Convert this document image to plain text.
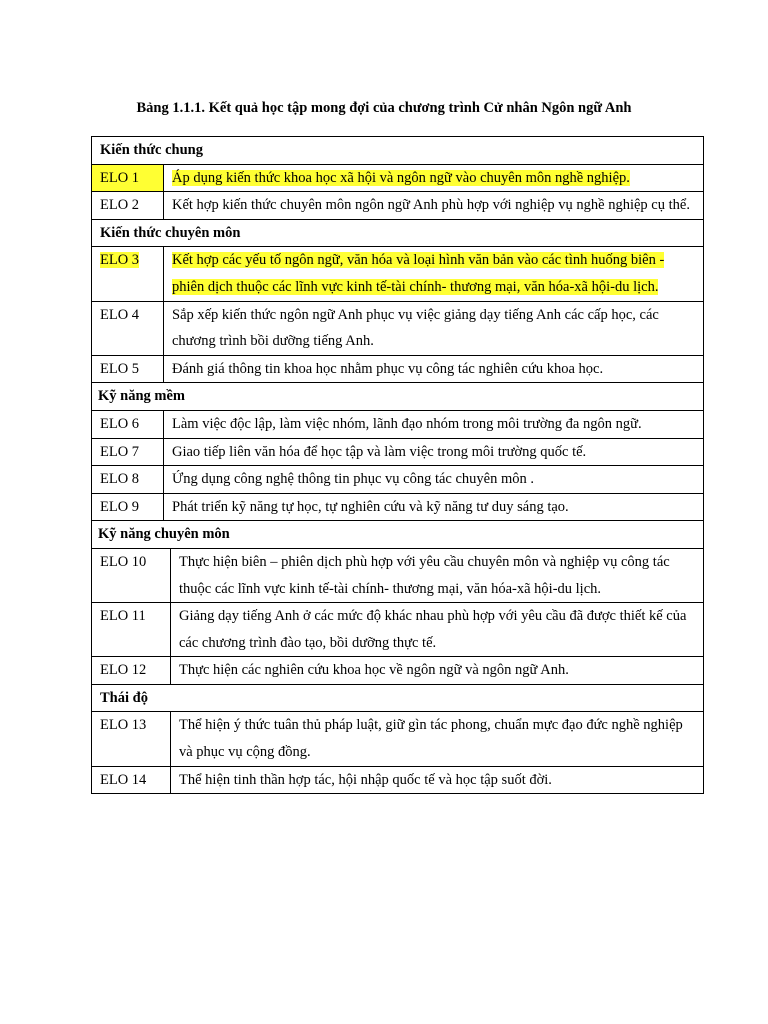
Bảng 1.1.1. Kết quả học tập mong đợi của chương trình Cử nhân Ngôn ngữ Anh
Kiến thức chung	
ELO 1	Áp dụng kiến thức khoa học xã hội và ngôn ngữ vào chuyên môn nghề nghiệp.
ELO 2	Kết hợp kiến thức chuyên môn ngôn ngữ Anh phù hợp với nghiệp vụ nghề nghiệp cụ thể.
Kiến thức chuyên môn	
ELO 3	Kết hợp các yếu tố ngôn ngữ, văn hóa và loại hình văn bản vào các tình huống biên - phiên dịch thuộc các lĩnh vực kinh tế-tài chính- thương mại, văn hóa-xã hội-du lịch.
ELO 4	Sắp xếp kiến thức ngôn ngữ Anh phục vụ việc giảng dạy tiếng Anh các cấp học, các chương trình bồi dưỡng tiếng Anh.
ELO 5	Đánh giá thông tin khoa học nhằm phục vụ công tác nghiên cứu khoa học.
Kỹ năng mềm	
ELO 6	Làm việc độc lập, làm việc nhóm, lãnh đạo nhóm trong môi trường đa ngôn ngữ.
ELO 7	Giao tiếp liên văn hóa để học tập và làm việc trong môi trường quốc tế.
ELO 8	Ứng dụng công nghệ thông tin phục vụ công tác chuyên môn .
ELO 9	Phát triển kỹ năng tự học, tự nghiên cứu và kỹ năng tư duy sáng tạo.
Kỹ năng chuyên môn	
ELO 10	Thực hiện biên – phiên dịch phù hợp với yêu cầu chuyên môn và nghiệp vụ công tác thuộc các lĩnh vực kinh tế-tài chính- thương mại, văn hóa-xã hội-du lịch.
ELO 11	Giảng dạy tiếng Anh ở các mức độ khác nhau phù hợp với yêu cầu đã được thiết kế của các chương trình đào tạo, bồi dưỡng thực tế.
ELO 12	Thực hiện các nghiên cứu khoa học về ngôn ngữ và ngôn ngữ Anh.
Thái độ	
ELO 13	Thể hiện ý thức tuân thủ pháp luật, giữ gìn tác phong, chuẩn mực đạo đức nghề nghiệp và phục vụ cộng đồng.
ELO 14	Thể hiện tinh thần hợp tác, hội nhập quốc tế và học tập suốt đời.
